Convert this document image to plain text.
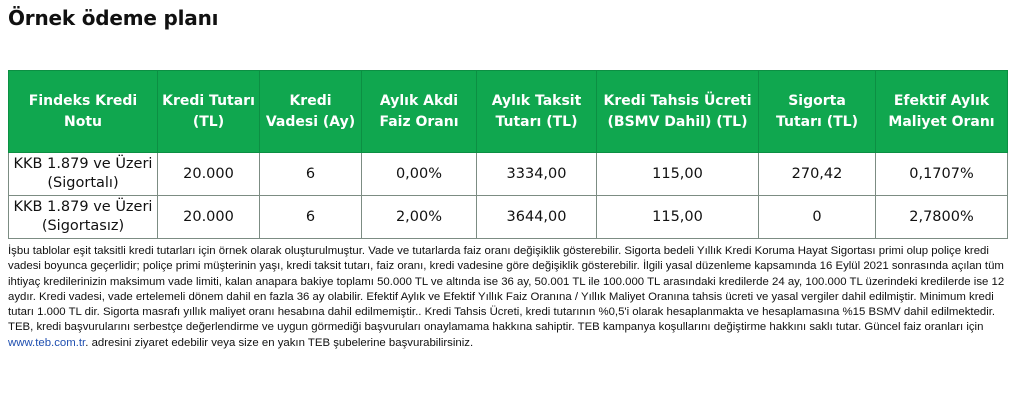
Örnek ödeme planı
Findeks Kredi Notu	Kredi Tutarı (TL)	Kredi Vadesi (Ay)	Aylık Akdi Faiz Oranı	Aylık Taksit Tutarı (TL)	Kredi Tahsis Ücreti (BSMV Dahil) (TL)	Sigorta Tutarı (TL)	Efektif Aylık Maliyet Oranı
KKB 1.879 ve Üzeri (Sigortalı)	20.000	6	0,00%	3334,00	115,00	270,42	0,1707%
KKB 1.879 ve Üzeri (Sigortasız)	20.000	6	2,00%	3644,00	115,00	0	2,7800%
İşbu tablolar eşit taksitli kredi tutarları için örnek olarak oluşturulmuştur. Vade ve tutarlarda faiz oranı değişiklik gösterebilir. Sigorta bedeli Yıllık Kredi Koruma Hayat Sigortası primi olup poliçe kredi vadesi boyunca geçerlidir; poliçe primi müşterinin yaşı, kredi taksit tutarı, faiz oranı, kredi vadesine göre değişiklik gösterebilir. İlgili yasal düzenleme kapsamında 16 Eylül 2021 sonrasında açılan tüm ihtiyaç kredilerinizin maksimum vade limiti, kalan anapara bakiye toplamı 50.000 TL ve altında ise 36 ay, 50.001 TL ile 100.000 TL arasındaki kredilerde 24 ay, 100.000 TL üzerindeki kredilerde ise 12 aydır. Kredi vadesi, vade ertelemeli dönem dahil en fazla 36 ay olabilir. Efektif Aylık ve Efektif Yıllık Faiz Oranına / Yıllık Maliyet Oranına tahsis ücreti ve yasal vergiler dahil edilmiştir. Minimum kredi tutarı 1.000 TL dir. Sigorta masrafı yıllık maliyet oranı hesabına dahil edilmemiştir.. Kredi Tahsis Ücreti, kredi tutarının %0,5'i olarak hesaplanmakta ve hesaplamasına %15 BSMV dahil edilmektedir. TEB, kredi başvurularını serbestçe değerlendirme ve uygun görmediği başvuruları onaylamama hakkına sahiptir. TEB kampanya koşullarını değiştirme hakkını saklı tutar. Güncel faiz oranları için www.teb.com.tr. adresini ziyaret edebilir veya size en yakın TEB şubelerine başvurabilirsiniz.
